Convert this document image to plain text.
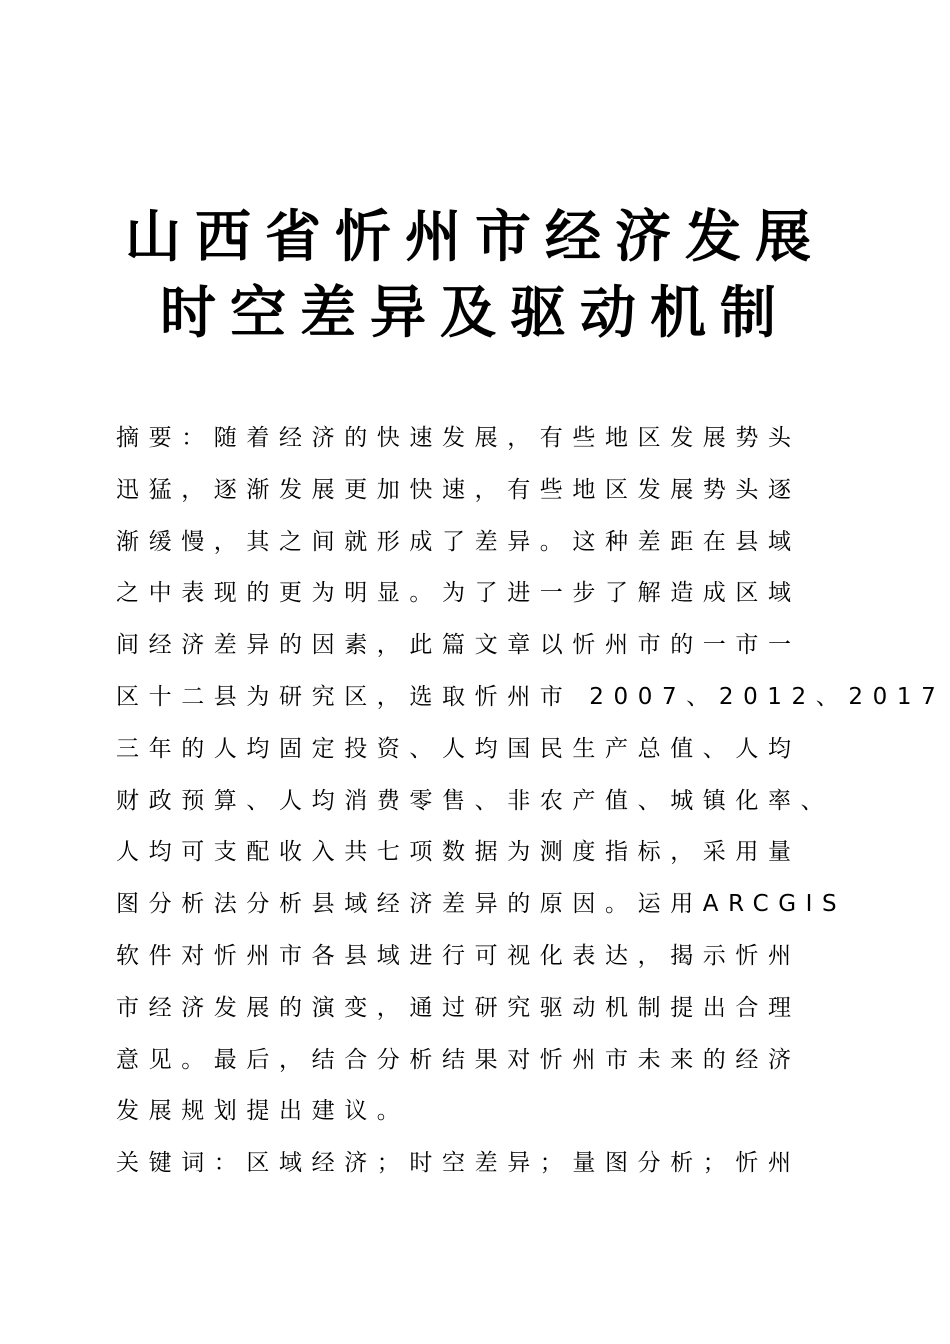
山西省忻州市经济发展
时空差异及驱动机制
摘要：随着经济的快速发展，有些地区发展势头
迅猛，逐渐发展更加快速，有些地区发展势头逐
渐缓慢，其之间就形成了差异。这种差距在县域
之中表现的更为明显。为了进一步了解造成区域
间经济差异的因素，此篇文章以忻州市的一市一
区十二县为研究区，选取忻州市 2007、2012、2017
三年的人均固定投资、人均国民生产总值、人均
财政预算、人均消费零售、非农产值、城镇化率、
人均可支配收入共七项数据为测度指标，采用量
图分析法分析县域经济差异的原因。运用ARCGIS
软件对忻州市各县域进行可视化表达，揭示忻州
市经济发展的演变，通过研究驱动机制提出合理
意见。最后，结合分析结果对忻州市未来的经济
发展规划提出建议。
关键词：区域经济；时空差异；量图分析；忻州
